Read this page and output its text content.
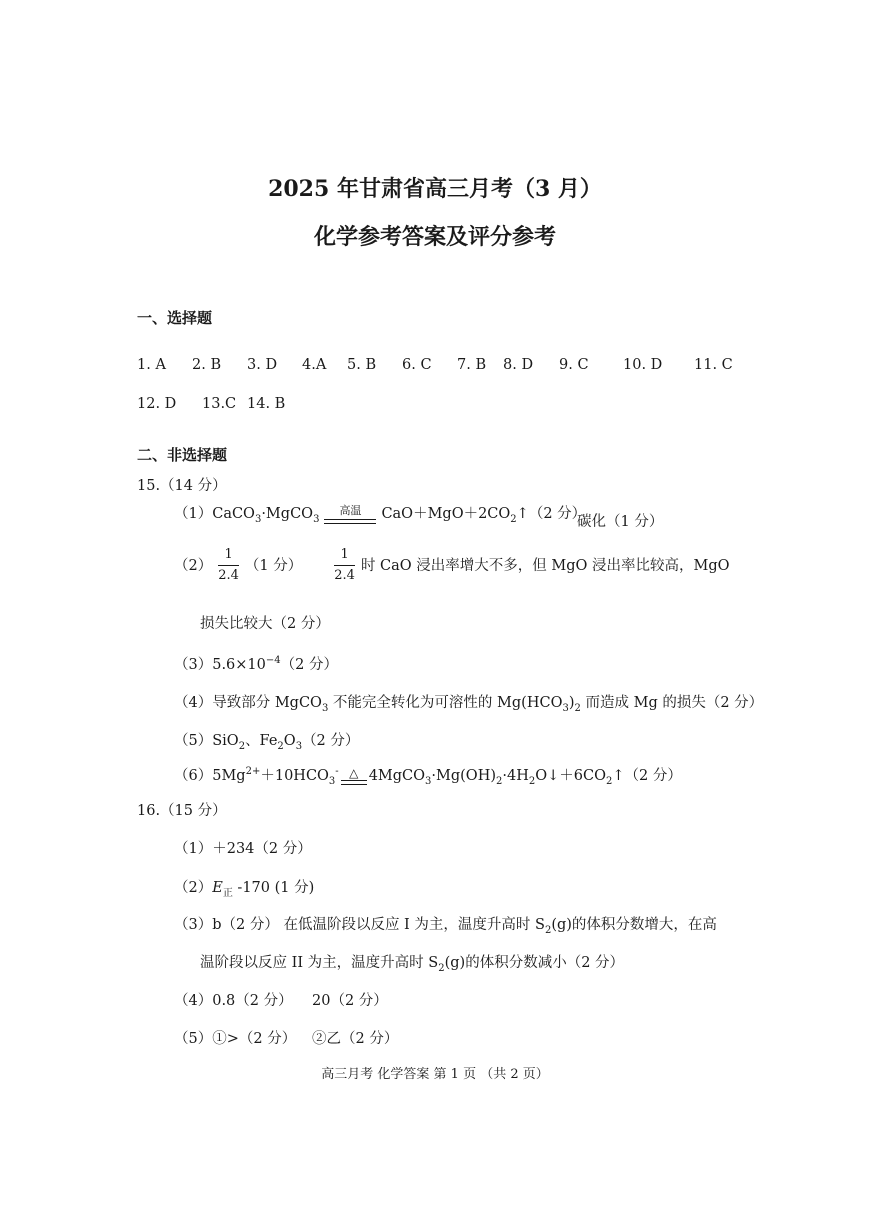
2025 年甘肃省高三月考（3 月）
化学参考答案及评分参考
一、选择题
1. A 2. B 3. D 4.A 5. B 6. C 7. B 8. D 9. C 10. D 11. C
12. D 13.C 14. B
二、非选择题
15.（14 分）
（1）CaCO$_3$·MgCO$_3$
高温	$CaO+MgO+2CO_2↑(2$ 分）
碳化（1 分）
$(2) \frac{1}{2.4} (1$ 分） $\frac{1}{2.4}$ 时 CaO 浸出率增大不多，但 MgO 浸出率比较高，MgO
损失比较大（2 分）
$(3)5.6\times 10^{-4}(2$ 分）
（4）导致部分 MgCO$_3$ 不能完全转化为可溶性的 $Mg(HCO_3)_2$ 而造成 Mg 的损失（2 分）
（5）SiO$_2$、$Fe_2O_3(2$ 分）
$(6)5Mg^{2+}+10HCO_3^-$ △ $4MgCO_3\cdot Mg(OH)_2\cdot 4H_2O↓+6CO_2↑(2$ 分）
16.（15 分）
（1）＋234（2 分）
$(2)E_正$ -170 (1 分)
（3）b（2 分） 在低温阶段以反应 I 为主，温度升高时 $S_2(g)$的体积分数增大，在高
温阶段以反应 II 为主，温度升高时 $S_2(g)$的体积分数减小（2 分）
（4）0.8（2 分） 20（2 分）
（5）①>（2 分） ②乙（2 分）
高三月考 化学答案 第 1 页 （共 2 页）
